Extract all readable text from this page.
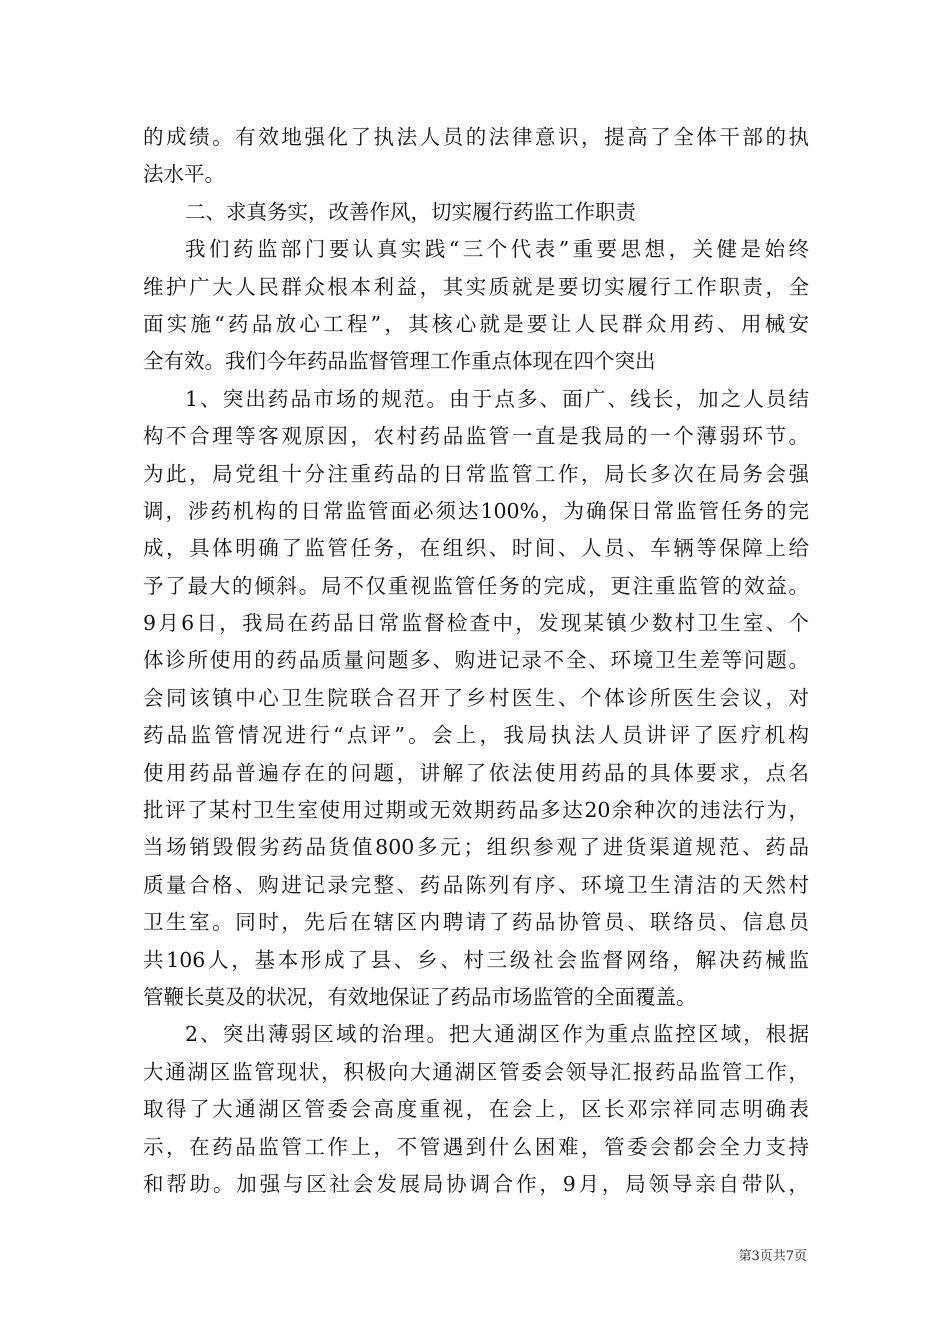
的成绩。有效地强化了执法人员的法律意识，提高了全体干部的执
法水平。
二、求真务实，改善作风，切实履行药监工作职责
我们药监部门要认真实践“三个代表”重要思想，关健是始终
维护广大人民群众根本利益，其实质就是要切实履行工作职责，全
面实施“药品放心工程”，其核心就是要让人民群众用药、用械安
全有效。我们今年药品监督管理工作重点体现在四个突出
1、突出药品市场的规范。由于点多、面广、线长，加之人员结
构不合理等客观原因，农村药品监管一直是我局的一个薄弱环节。
为此，局党组十分注重药品的日常监管工作，局长多次在局务会强
调，涉药机构的日常监管面必须达100%，为确保日常监管任务的完
成，具体明确了监管任务，在组织、时间、人员、车辆等保障上给
予了最大的倾斜。局不仅重视监管任务的完成，更注重监管的效益。
9月6日，我局在药品日常监督检查中，发现某镇少数村卫生室、个
体诊所使用的药品质量问题多、购进记录不全、环境卫生差等问题。
会同该镇中心卫生院联合召开了乡村医生、个体诊所医生会议，对
药品监管情况进行“点评”。会上，我局执法人员讲评了医疗机构
使用药品普遍存在的问题，讲解了依法使用药品的具体要求，点名
批评了某村卫生室使用过期或无效期药品多达20余种次的违法行为，
当场销毁假劣药品货值800多元；组织参观了进货渠道规范、药品
质量合格、购进记录完整、药品陈列有序、环境卫生清洁的天然村
卫生室。同时，先后在辖区内聘请了药品协管员、联络员、信息员
共106人，基本形成了县、乡、村三级社会监督网络，解决药械监
管鞭长莫及的状况，有效地保证了药品市场监管的全面覆盖。
2、突出薄弱区域的治理。把大通湖区作为重点监控区域，根据
大通湖区监管现状，积极向大通湖区管委会领导汇报药品监管工作，
取得了大通湖区管委会高度重视，在会上，区长邓宗祥同志明确表
示，在药品监管工作上，不管遇到什么困难，管委会都会全力支持
和帮助。加强与区社会发展局协调合作，9月，局领导亲自带队，
第3页共7页
